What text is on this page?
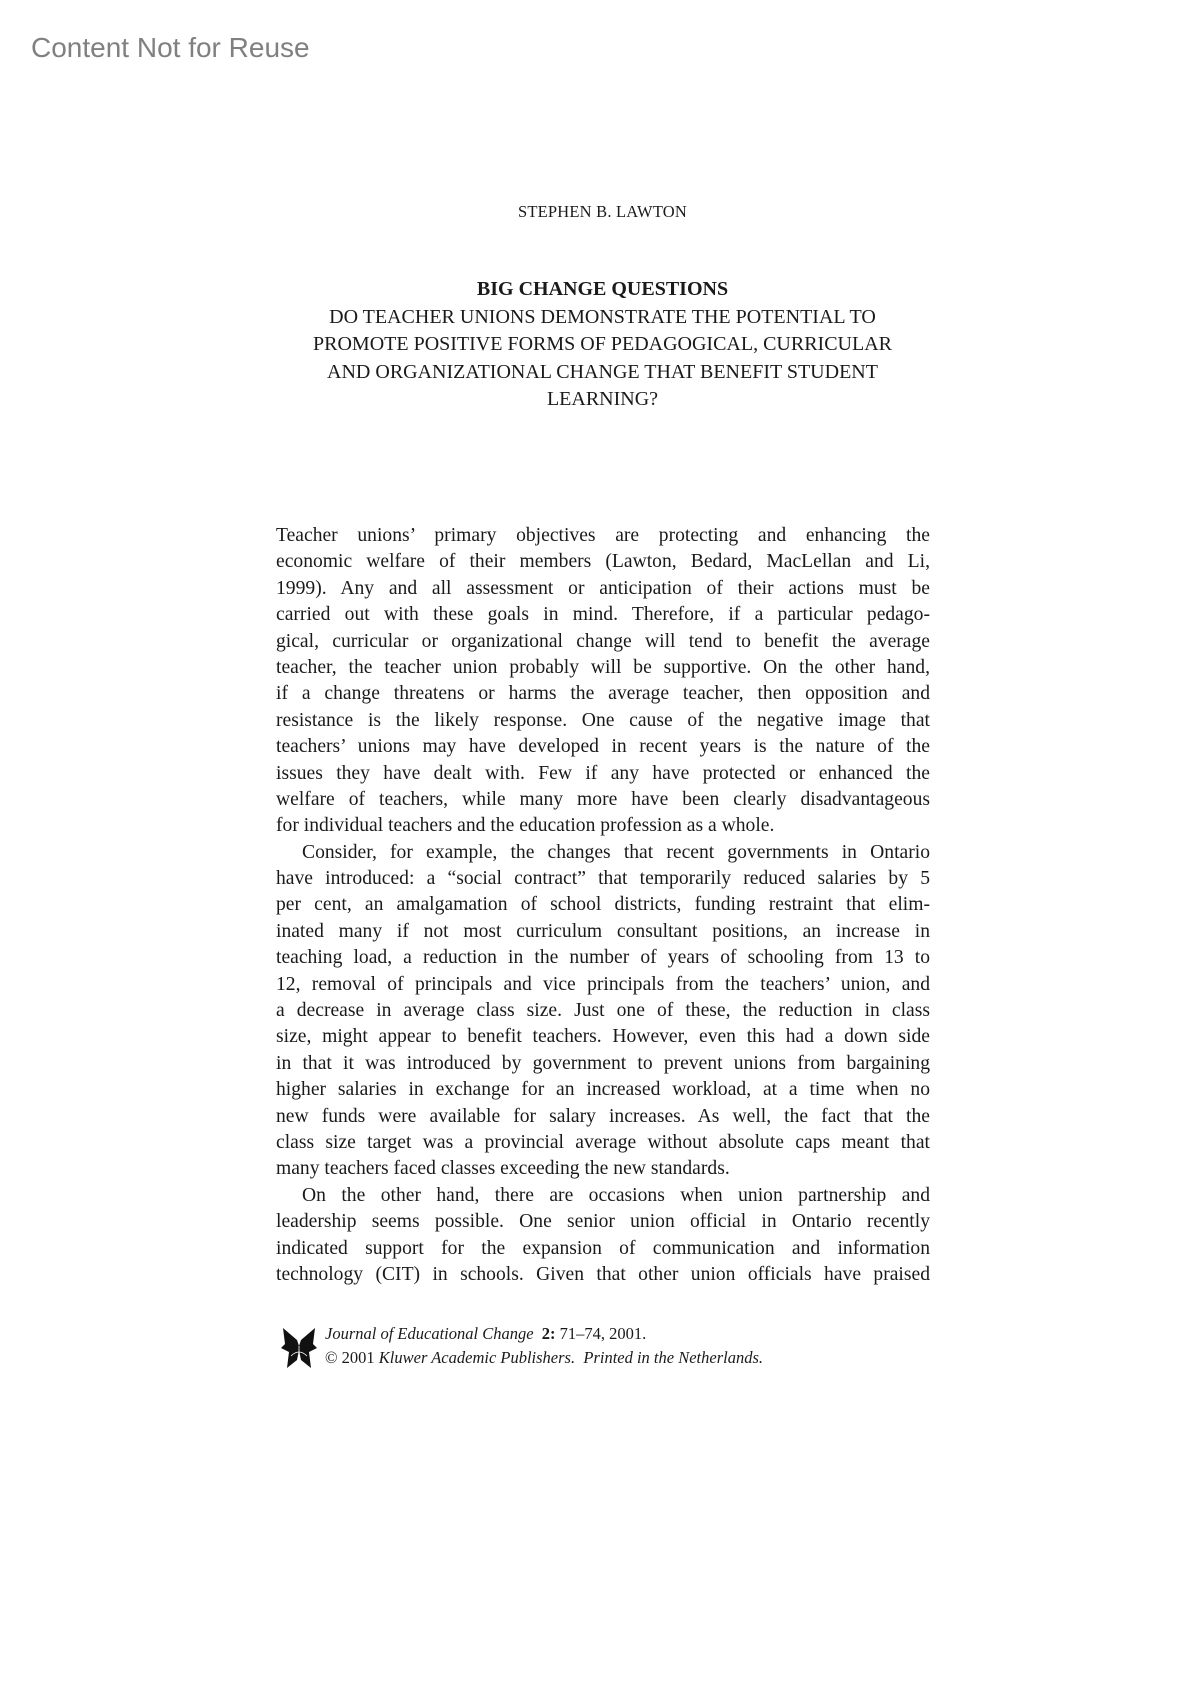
Content Not for Reuse
STEPHEN B. LAWTON
BIG CHANGE QUESTIONS
DO TEACHER UNIONS DEMONSTRATE THE POTENTIAL TO
PROMOTE POSITIVE FORMS OF PEDAGOGICAL, CURRICULAR
AND ORGANIZATIONAL CHANGE THAT BENEFIT STUDENT
LEARNING?
Teacher unions’ primary objectives are protecting and enhancing the
economic welfare of their members (Lawton, Bedard, MacLellan and Li,
1999). Any and all assessment or anticipation of their actions must be
carried out with these goals in mind. Therefore, if a particular pedago-
gical, curricular or organizational change will tend to benefit the average
teacher, the teacher union probably will be supportive. On the other hand,
if a change threatens or harms the average teacher, then opposition and
resistance is the likely response. One cause of the negative image that
teachers’ unions may have developed in recent years is the nature of the
issues they have dealt with. Few if any have protected or enhanced the
welfare of teachers, while many more have been clearly disadvantageous
for individual teachers and the education profession as a whole.
Consider, for example, the changes that recent governments in Ontario
have introduced: a “social contract” that temporarily reduced salaries by 5
per cent, an amalgamation of school districts, funding restraint that elim-
inated many if not most curriculum consultant positions, an increase in
teaching load, a reduction in the number of years of schooling from 13 to
12, removal of principals and vice principals from the teachers’ union, and
a decrease in average class size. Just one of these, the reduction in class
size, might appear to benefit teachers. However, even this had a down side
in that it was introduced by government to prevent unions from bargaining
higher salaries in exchange for an increased workload, at a time when no
new funds were available for salary increases. As well, the fact that the
class size target was a provincial average without absolute caps meant that
many teachers faced classes exceeding the new standards.
On the other hand, there are occasions when union partnership and
leadership seems possible. One senior union official in Ontario recently
indicated support for the expansion of communication and information
technology (CIT) in schools. Given that other union officials have praised
Journal of Educational Change 2: 71–74, 2001.
© 2001 Kluwer Academic Publishers. Printed in the Netherlands.
